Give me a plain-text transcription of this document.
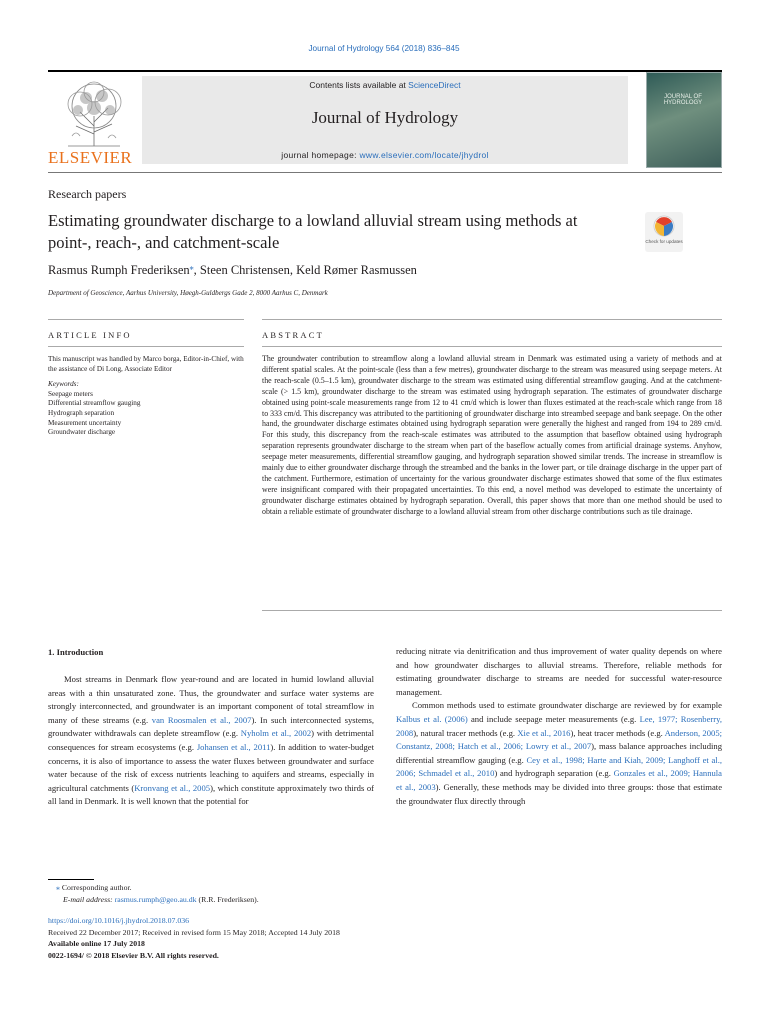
Journal of Hydrology 564 (2018) 836–845
ELSEVIER
Contents lists available at ScienceDirect
Journal of Hydrology
journal homepage: www.elsevier.com/locate/jhydrol
JOURNAL OF HYDROLOGY
Research papers
Estimating groundwater discharge to a lowland alluvial stream using methods at point-, reach-, and catchment-scale	Check for updates
Rasmus Rumph Frederiksen⁎, Steen Christensen, Keld Rømer Rasmussen
Department of Geoscience, Aarhus University, Høegh-Guldbergs Gade 2, 8000 Aarhus C, Denmark
ARTICLE INFO	ABSTRACT
This manuscript was handled by Marco borga, Editor-in-Chief, with the assistance of Di Long, Associate Editor
Keywords:
Seepage meters
Differential streamflow gauging
Hydrograph separation
Measurement uncertainty
Groundwater discharge
The groundwater contribution to streamflow along a lowland alluvial stream in Denmark was estimated using a variety of methods and at different spatial scales. At the point-scale (less than a few metres), groundwater discharge to the stream was measured using seepage meters. At the reach-scale (0.5–1.5 km), groundwater discharge to the stream was estimated using differential streamflow gauging. And at the catchment-scale (> 1.5 km), groundwater discharge to the stream was estimated using hydrograph separation. The estimates of groundwater discharge obtained using point-scale measurements range from 12 to 41 cm/d which is lower than fluxes estimated at the reach-scale which range from 18 to 333 cm/d. This discrepancy was attributed to the partitioning of groundwater discharge into streambed seepage and bank seepage. On the other hand, the groundwater discharge estimates obtained using hydrograph separation were generally the highest and ranged from 194 to 289 cm/d. For this study, this discrepancy from the reach-scale estimates was attributed to the assumption that baseflow obtained using hydrograph separation represents groundwater discharge to the stream when part of the baseflow actually comes from artificial drainage systems. Anyhow, seepage meter measurements, differential streamflow gauging, and hydrograph separation showed similar trends. The increase in streamflow is mainly due to either groundwater discharge through the streambed and the banks in the lower part, or tile drainage discharge in the upper part of the catchment. Furthermore, estimation of uncertainty for the various groundwater discharge estimates showed that some of the flux estimates were insignificant compared with their propagated uncertainties. To this end, a novel method was developed to estimate the uncertainty of groundwater discharge estimates obtained by hydrograph separation. Overall, this paper shows that more than one method should be used to obtain a reliable estimate of groundwater discharge to a lowland alluvial stream from other discharge contributions such as tile drainage.
1. Introduction

Most streams in Denmark flow year-round and are located in humid lowland alluvial areas with a thin unsaturated zone. Thus, the groundwater and surface water systems are strongly interconnected, and groundwater is an important component of total streamflow in many of these streams (e.g. van Roosmalen et al., 2007). In such interconnected systems, groundwater withdrawals can deplete streamflow (e.g. Nyholm et al., 2002) with detrimental consequences for stream ecosystems (e.g. Johansen et al., 2011). In addition to water-budget concerns, it is also of importance to assess the water fluxes between groundwater and surface water because of the risk of excess nutrients leaching to aquifers and streams, especially in agricultural catchments (Kronvang et al., 2005), which constitute approximately two thirds of all land in Denmark. It is well known that the potential for

reducing nitrate via denitrification and thus improvement of water quality depends on where and how groundwater discharges to alluvial streams. Therefore, reliable methods for estimating groundwater discharge to streams are needed for successful water-resource management.

Common methods used to estimate groundwater discharge are reviewed by for example Kalbus et al. (2006) and include seepage meter measurements (e.g. Lee, 1977; Rosenberry, 2008), natural tracer methods (e.g. Xie et al., 2016), heat tracer methods (e.g. Anderson, 2005; Constantz, 2008; Hatch et al., 2006; Lowry et al., 2007), mass balance approaches including differential streamflow gauging (e.g. Cey et al., 1998; Harte and Kiah, 2009; Langhoff et al., 2006; Schmadel et al., 2010) and hydrograph separation (e.g. Gonzales et al., 2009; Hannula et al., 2003). Generally, these methods may be divided into three groups: those that estimate the groundwater flux directly through

⁎ Corresponding author.
E-mail address: rasmus.rumph@geo.au.dk (R.R. Frederiksen).
https://doi.org/10.1016/j.jhydrol.2018.07.036
Received 22 December 2017; Received in revised form 15 May 2018; Accepted 14 July 2018
Available online 17 July 2018
0022-1694/ © 2018 Elsevier B.V. All rights reserved.
